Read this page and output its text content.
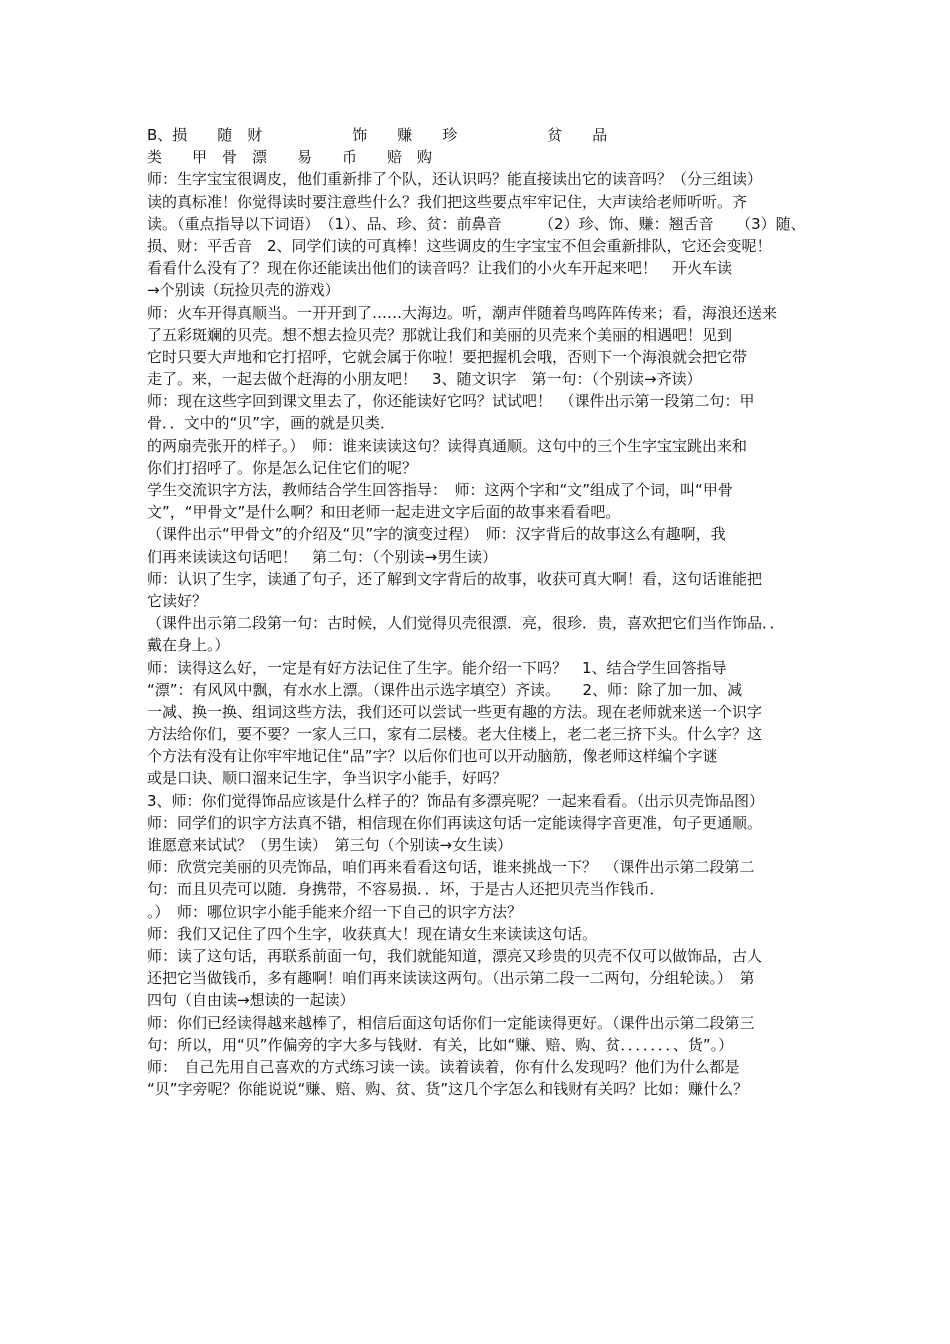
B、损　　随　财　　　　　　饰　　赚　　珍　　　　　　贫　　品
类　　甲　骨　漂　　易　　币　　赔　购
师：生字宝宝很调皮，他们重新排了个队，还认识吗？能直接读出它的读音吗？（分三组读）
读的真标准！你觉得读时要注意些什么？我们把这些要点牢牢记住，大声读给老师听听。齐
读。（重点指导以下词语）　（1）、品、珍、贫：前鼻音　　　（2）珍、饰、赚：翘舌音　　（3）随、
损、财：平舌音　2、同学们读的可真棒！这些调皮的生字宝宝不但会重新排队，它还会变呢！
看看什么没有了？现在你还能读出他们的读音吗？让我们的小火车开起来吧！　开火车读
→个别读（玩捡贝壳的游戏）
师：火车开得真顺当。一开开到了……大海边。听，潮声伴随着鸟鸣阵阵传来；看，海浪还送来
了五彩斑斓的贝壳。想不想去捡贝壳？那就让我们和美丽的贝壳来个美丽的相遇吧！见到
它时只要大声地和它打招呼，它就会属于你啦！要把握机会哦，否则下一个海浪就会把它带
走了。来，一起去做个赶海的小朋友吧！　3、随文识字　第一句：（个别读→齐读）
师：现在这些字回到课文里去了，你还能读好它吗？试试吧！　（课件出示第一段第二句：甲
骨．．文中的“贝”字，画的就是贝类．
的两扇壳张开的样子。）　师：谁来读读这句？读得真通顺。这句中的三个生字宝宝跳出来和
你们打招呼了。你是怎么记住它们的呢？
学生交流识字方法，教师结合学生回答指导：　师：这两个字和“文”组成了个词，叫“甲骨
文”，“甲骨文”是什么啊？和田老师一起走进文字后面的故事来看看吧。
（课件出示“甲骨文”的介绍及“贝”字的演变过程）　师：汉字背后的故事这么有趣啊，我
们再来读读这句话吧！　第二句：（个别读→男生读）
师：认识了生字，读通了句子，还了解到文字背后的故事，收获可真大啊！看，这句话谁能把
它读好？
（课件出示第二段第一句：古时候，人们觉得贝壳很漂．亮，很珍．贵，喜欢把它们当作饰品．．
戴在身上。）
师：读得这么好，一定是有好方法记住了生字。能介绍一下吗？　1、结合学生回答指导
“漂”：有风风中飘，有水水上漂。（课件出示选字填空）齐读。　　2、师：除了加一加、减
一减、换一换、组词这些方法，我们还可以尝试一些更有趣的方法。现在老师就来送一个识字
方法给你们，要不要？一家人三口，家有二层楼。老大住楼上，老二老三挤下头。什么字？这
个方法有没有让你牢牢地记住“品”字？以后你们也可以开动脑筋，像老师这样编个字谜
或是口诀、顺口溜来记生字，争当识字小能手，好吗？
3、师：你们觉得饰品应该是什么样子的？饰品有多漂亮呢？一起来看看。（出示贝壳饰品图）
师：同学们的识字方法真不错，相信现在你们再读这句话一定能读得字音更准，句子更通顺。
谁愿意来试试？（男生读）　第三句（个别读→女生读）
师：欣赏完美丽的贝壳饰品，咱们再来看看这句话，谁来挑战一下？　（课件出示第二段第二
句：而且贝壳可以随．身携带，不容易损．．坏，于是古人还把贝壳当作钱币．
。）　师：哪位识字小能手能来介绍一下自己的识字方法？
师：我们又记住了四个生字，收获真大！现在请女生来读读这句话。
师：读了这句话，再联系前面一句，我们就能知道，漂亮又珍贵的贝壳不仅可以做饰品，古人
还把它当做钱币，多有趣啊！咱们再来读读这两句。（出示第二段一二两句，分组轮读。）　第
四句（自由读→想读的一起读）
师：你们已经读得越来越棒了，相信后面这句话你们一定能读得更好。（课件出示第二段第三
句：所以，用“贝”作偏旁的字大多与钱财．有关，比如“赚、赔、购、贫．．．．．．．、货”。）
师：　自己先用自己喜欢的方式练习读一读。读着读着，你有什么发现吗？他们为什么都是
“贝”字旁呢？你能说说“赚、赔、购、贫、货”这几个字怎么和钱财有关吗？比如：赚什么？
